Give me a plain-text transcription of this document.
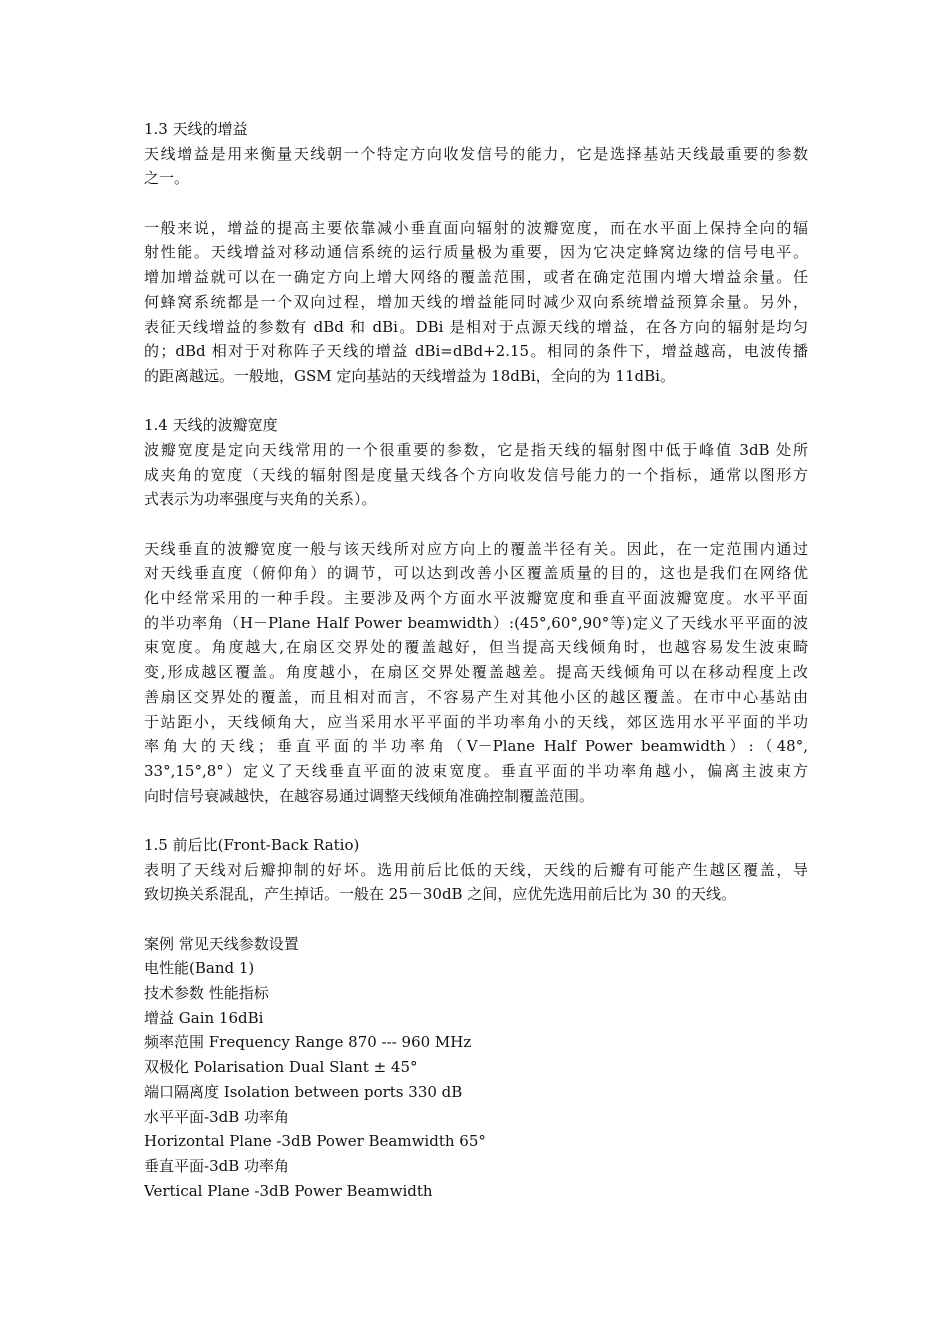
1.3 天线的增益
天线增益是用来衡量天线朝一个特定方向收发信号的能力，它是选择基站天线最重要的参数
之一。
一般来说，增益的提高主要依靠减小垂直面向辐射的波瓣宽度，而在水平面上保持全向的辐
射性能。天线增益对移动通信系统的运行质量极为重要，因为它决定蜂窝边缘的信号电平。
增加增益就可以在一确定方向上增大网络的覆盖范围，或者在确定范围内增大增益余量。任
何蜂窝系统都是一个双向过程，增加天线的增益能同时减少双向系统增益预算余量。另外，
表征天线增益的参数有 dBd 和 dBi。DBi 是相对于点源天线的增益，在各方向的辐射是均匀
的；dBd 相对于对称阵子天线的增益 dBi=dBd+2.15。相同的条件下，增益越高，电波传播
的距离越远。一般地，GSM 定向基站的天线增益为 18dBi，全向的为 11dBi。
1.4 天线的波瓣宽度
波瓣宽度是定向天线常用的一个很重要的参数，它是指天线的辐射图中低于峰值 3dB 处所
成夹角的宽度（天线的辐射图是度量天线各个方向收发信号能力的一个指标，通常以图形方
式表示为功率强度与夹角的关系）。
天线垂直的波瓣宽度一般与该天线所对应方向上的覆盖半径有关。因此，在一定范围内通过
对天线垂直度（俯仰角）的调节，可以达到改善小区覆盖质量的目的，这也是我们在网络优
化中经常采用的一种手段。主要涉及两个方面水平波瓣宽度和垂直平面波瓣宽度。水平平面
的半功率角（H－Plane Half Power beamwidth）:(45°,60°,90°等)定义了天线水平平面的波
束宽度。角度越大,在扇区交界处的覆盖越好，但当提高天线倾角时，也越容易发生波束畸
变,形成越区覆盖。角度越小，在扇区交界处覆盖越差。提高天线倾角可以在移动程度上改
善扇区交界处的覆盖，而且相对而言，不容易产生对其他小区的越区覆盖。在市中心基站由
于站距小，天线倾角大，应当采用水平平面的半功率角小的天线，郊区选用水平平面的半功
率角大的天线；垂直平面的半功率角（V－Plane Half Power beamwidth）:（48°,
33°,15°,8°）定义了天线垂直平面的波束宽度。垂直平面的半功率角越小，偏离主波束方
向时信号衰减越快，在越容易通过调整天线倾角准确控制覆盖范围。
1.5 前后比(Front-Back Ratio)
表明了天线对后瓣抑制的好坏。选用前后比低的天线，天线的后瓣有可能产生越区覆盖，导
致切换关系混乱，产生掉话。一般在 25－30dB 之间，应优先选用前后比为 30 的天线。
案例 常见天线参数设置
电性能(Band 1)
技术参数 性能指标
增益 Gain 16dBi
频率范围 Frequency Range 870 --- 960 MHz
双极化 Polarisation Dual Slant ± 45°
端口隔离度 Isolation between ports 330 dB
水平平面-3dB 功率角
Horizontal Plane -3dB Power Beamwidth 65°
垂直平面-3dB 功率角
Vertical Plane -3dB Power Beamwidth
